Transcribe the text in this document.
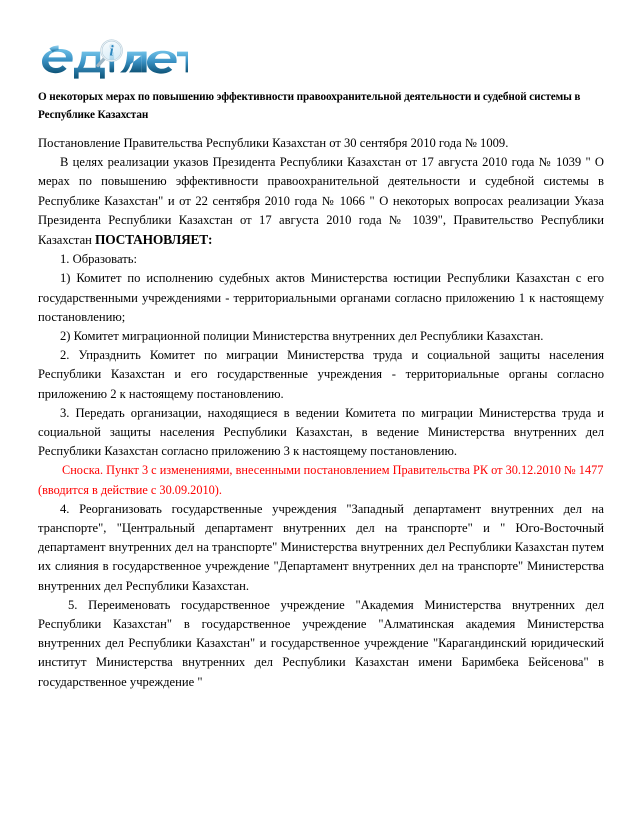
i
О некоторых мерах по повышению эффективности правоохранительной деятельности и судебной системы в Республике Казахстан

Постановление Правительства Республики Казахстан от 30 сентября 2010 года № 1009.

В целях реализации указов Президента Республики Казахстан от 17 августа 2010 года № 1039 " О мерах по повышению эффективности правоохранительной деятельности и судебной системы в Республике Казахстан" и от 22 сентября 2010 года № 1066 " О некоторых вопросах реализации Указа Президента Республики Казахстан от 17 августа 2010 года № 1039", Правительство Республики Казахстан ПОСТАНОВЛЯЕТ:

1. Образовать:

1) Комитет по исполнению судебных актов Министерства юстиции Республики Казахстан с его государственными учреждениями - территориальными органами согласно приложению 1 к настоящему постановлению;

2) Комитет миграционной полиции Министерства внутренних дел Республики Казахстан.

2. Упразднить Комитет по миграции Министерства труда и социальной защиты населения Республики Казахстан и его государственные учреждения - территориальные органы согласно приложению 2 к настоящему постановлению.

3. Передать организации, находящиеся в ведении Комитета по миграции Министерства труда и социальной защиты населения Республики Казахстан, в ведение Министерства внутренних дел Республики Казахстан согласно приложению 3 к настоящему постановлению.

Сноска. Пункт 3 с изменениями, внесенными постановлением Правительства РК от 30.12.2010 № 1477 (вводится в действие с 30.09.2010).

4. Реорганизовать государственные учреждения "Западный департамент внутренних дел на транспорте", "Центральный департамент внутренних дел на транспорте" и " Юго-Восточный департамент внутренних дел на транспорте" Министерства внутренних дел Республики Казахстан путем их слияния в государственное учреждение "Департамент внутренних дел на транспорте" Министерства внутренних дел Республики Казахстан.

5. Переименовать государственное учреждение "Академия Министерства внутренних дел Республики Казахстан" в государственное учреждение "Алматинская академия Министерства внутренних дел Республики Казахстан" и государственное учреждение "Карагандинский юридический институт Министерства внутренних дел Республики Казахстан имени Баримбека Бейсенова" в государственное учреждение "
